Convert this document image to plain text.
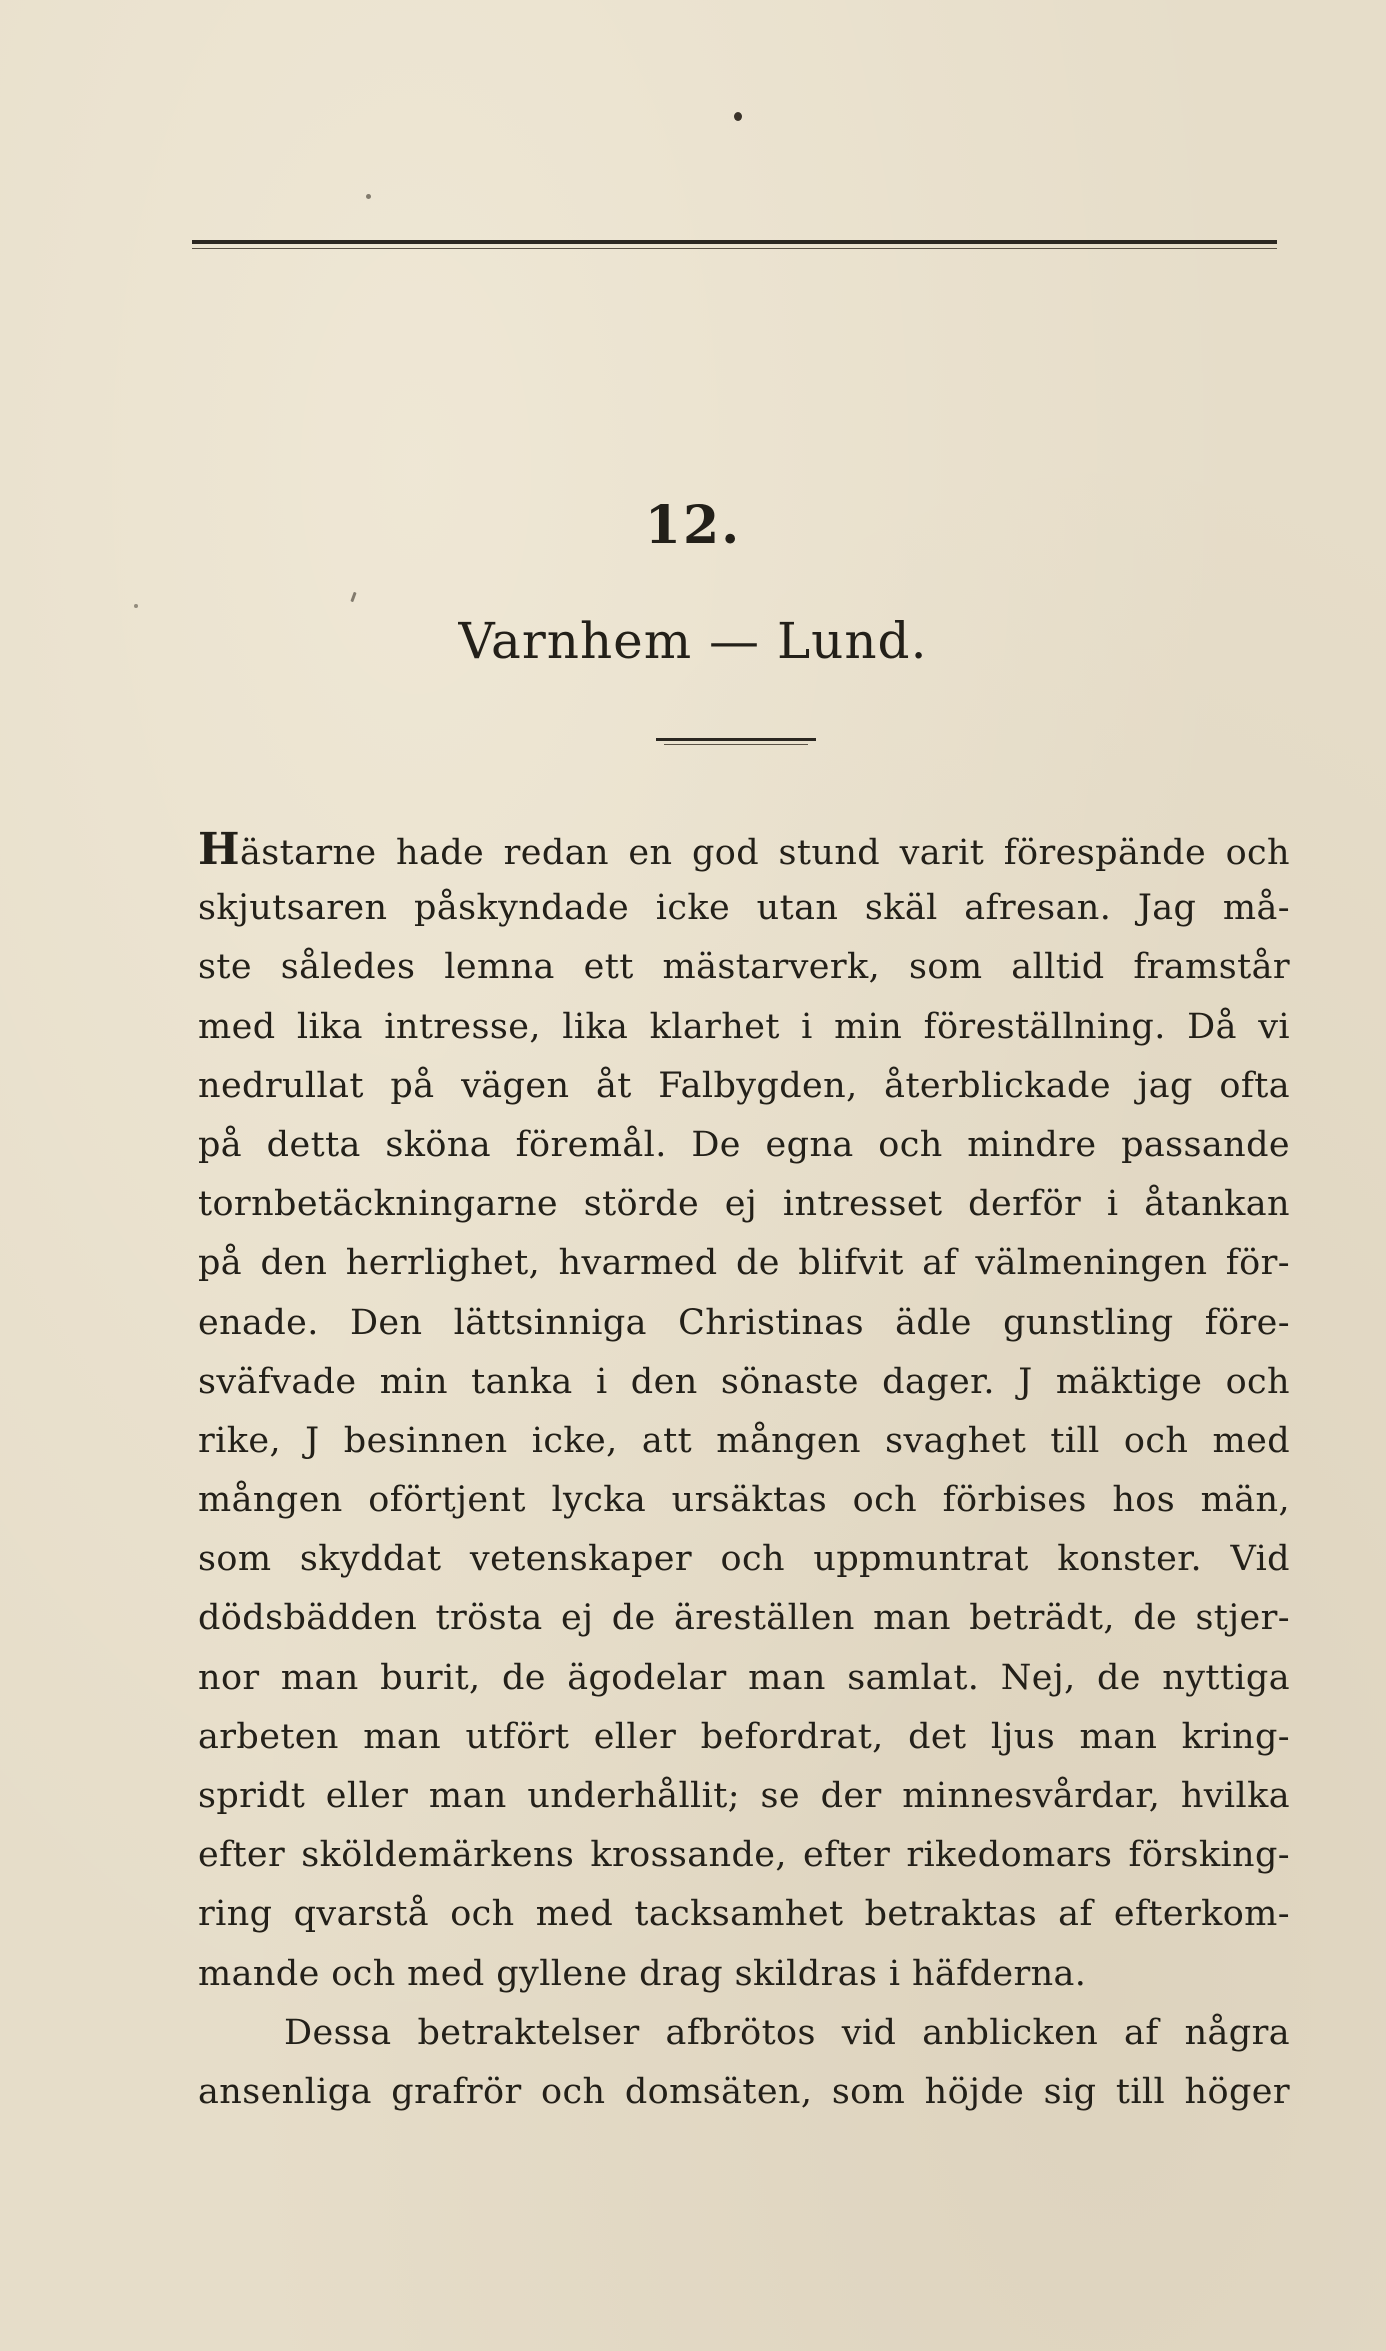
12.
Varnhem — Lund.
Hästarne hade redan en god stund varit förespände och
skjutsaren påskyndade icke utan skäl afresan. Jag må-
ste således lemna ett mästarverk, som alltid framstår
med lika intresse, lika klarhet i min föreställning. Då vi
nedrullat på vägen åt Falbygden, återblickade jag ofta
på detta sköna föremål. De egna och mindre passande
tornbetäckningarne störde ej intresset derför i åtankan
på den herrlighet, hvarmed de blifvit af välmeningen för-
enade. Den lättsinniga Christinas ädle gunstling före-
sväfvade min tanka i den sönaste dager. J mäktige och
rike, J besinnen icke, att mången svaghet till och med
mången oförtjent lycka ursäktas och förbises hos män,
som skyddat vetenskaper och uppmuntrat konster. Vid
dödsbädden trösta ej de äreställen man beträdt, de stjer-
nor man burit, de ägodelar man samlat. Nej, de nyttiga
arbeten man utfört eller befordrat, det ljus man kring-
spridt eller man underhållit; se der minnesvårdar, hvilka
efter sköldemärkens krossande, efter rikedomars försking-
ring qvarstå och med tacksamhet betraktas af efterkom-
mande och med gyllene drag skildras i häfderna.
Dessa betraktelser afbrötos vid anblicken af några
ansenliga grafrör och domsäten, som höjde sig till höger
